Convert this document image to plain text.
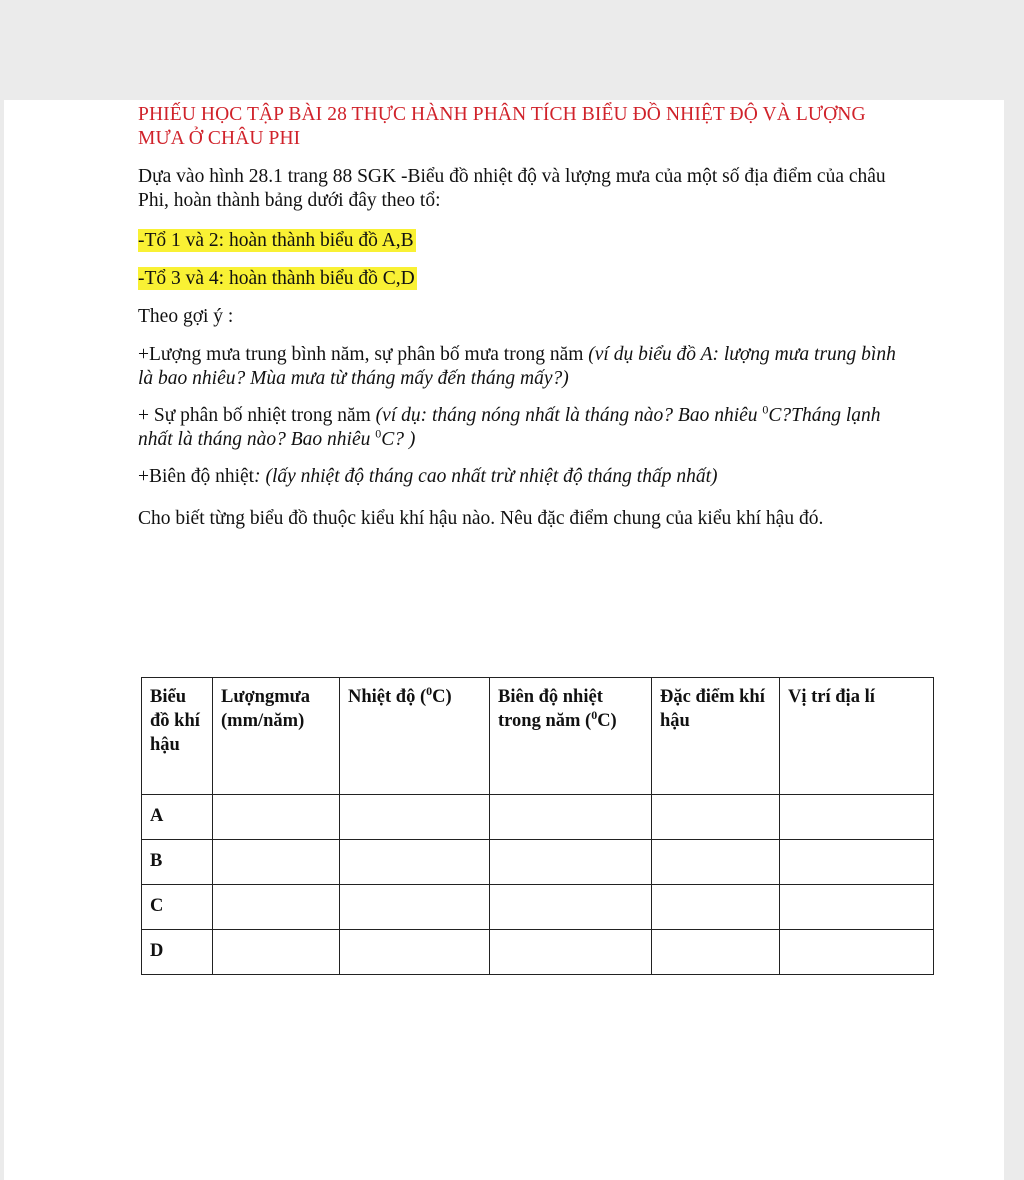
PHIẾU HỌC TẬP BÀI 28 THỰC HÀNH PHÂN TÍCH BIỂU ĐỒ NHIỆT ĐỘ VÀ LƯỢNG MƯA Ở CHÂU PHI

Dựa vào hình 28.1 trang 88 SGK -Biểu đồ nhiệt độ và lượng mưa của một số địa điểm của châu Phi, hoàn thành bảng dưới đây theo tổ:

-Tổ 1 và 2: hoàn thành biểu đồ A,B

-Tổ 3 và 4: hoàn thành biểu đồ C,D

Theo gợi ý :

+Lượng mưa trung bình năm, sự phân bố mưa trong năm (ví dụ biểu đồ A: lượng mưa trung bình là bao nhiêu? Mùa mưa từ tháng mấy đến tháng mấy?)

+ Sự phân bố nhiệt trong năm (ví dụ: tháng nóng nhất là tháng nào? Bao nhiêu $^0$C?Tháng lạnh nhất là tháng nào? Bao nhiêu $^0$C? )

+Biên độ nhiệt: (lấy nhiệt độ tháng cao nhất trừ nhiệt độ tháng thấp nhất)

Cho biết từng biểu đồ thuộc kiểu khí hậu nào. Nêu đặc điểm chung của kiểu khí hậu đó.

Biểu đồ khí hậu	Lượngmưa (mm/năm)	Nhiệt độ ($^0$C)	Biên độ nhiệt trong năm ($^0$C)	Đặc điểm khí hậu	Vị trí địa lí
A					
B					
C					
D					
